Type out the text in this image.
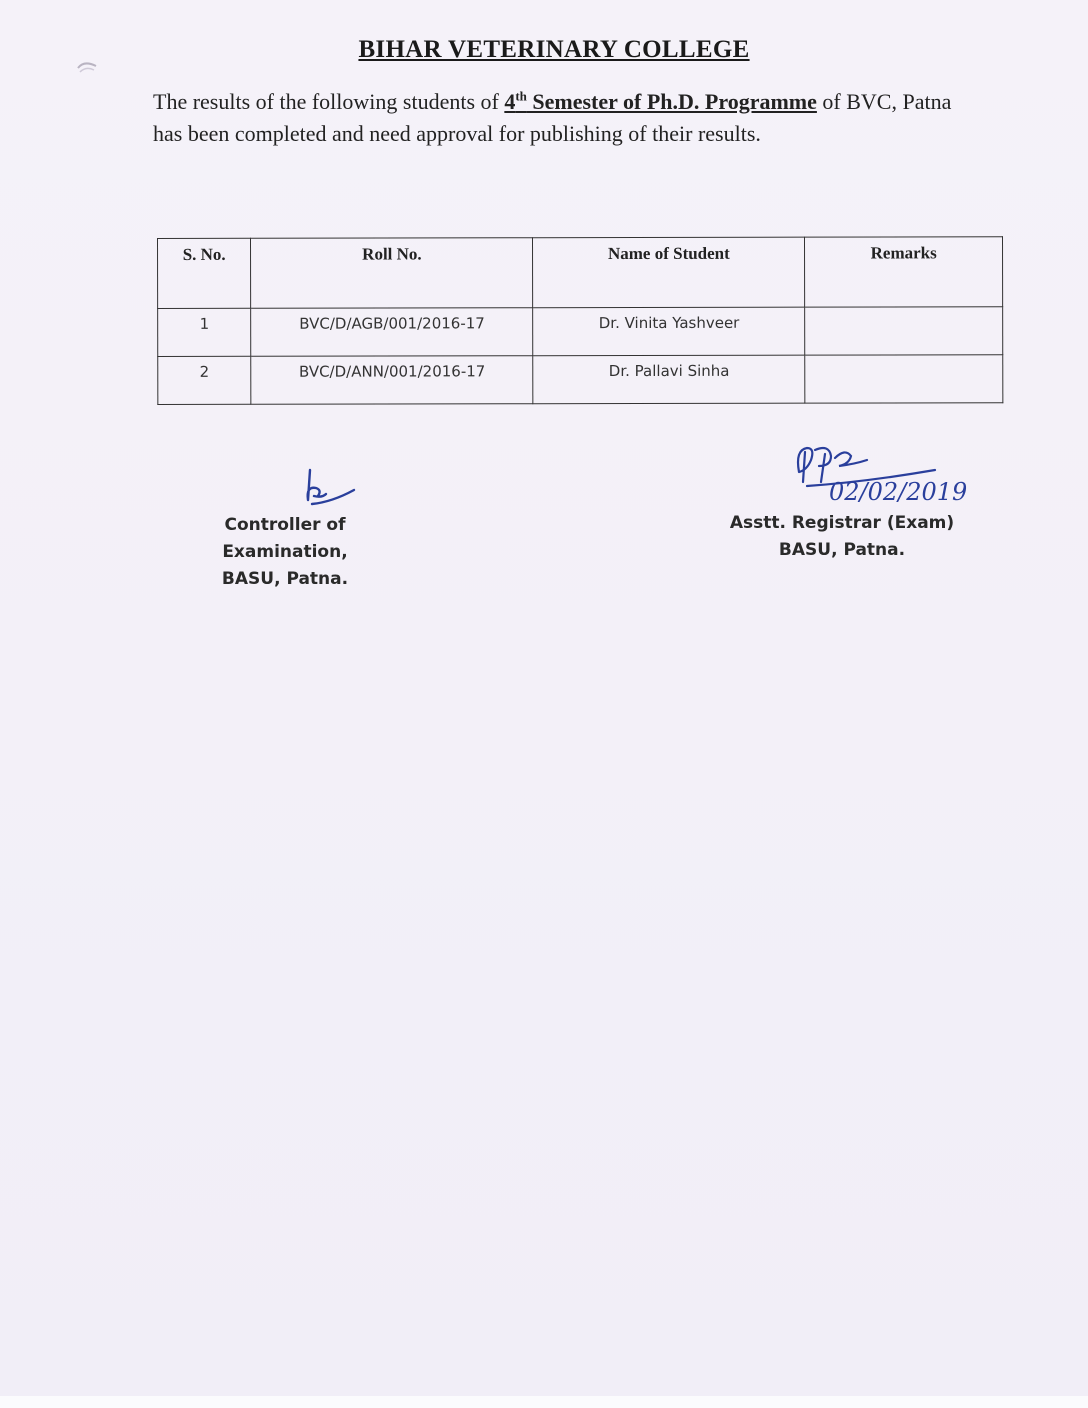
BIHAR VETERINARY COLLEGE
The results of the following students of 4th Semester of Ph.D. Programme of BVC, Patna has been completed and need approval for publishing of their results.
S. No.	Roll No.	Name of Student	Remarks
1	BVC/D/AGB/001/2016-17	Dr. Vinita Yashveer	
2	BVC/D/ANN/001/2016-17	Dr. Pallavi Sinha	
Controller of Examination,
BASU, Patna.
02/02/2019
Asstt. Registrar (Exam)
BASU, Patna.
